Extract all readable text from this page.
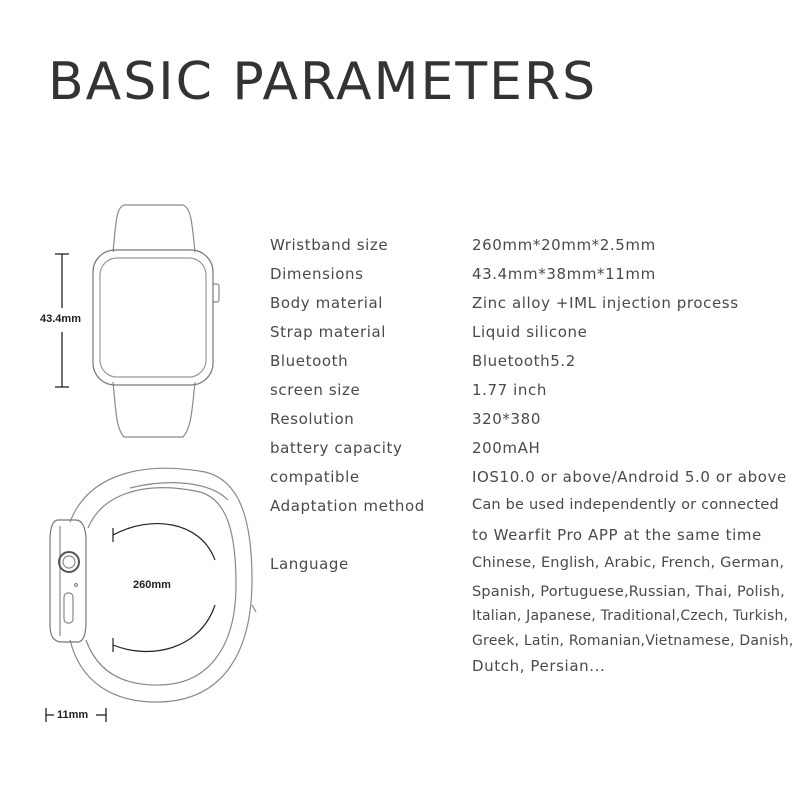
BASIC PARAMETERS
43.4mm
260mm
11mm
Wristband size	260mm*20mm*2.5mm
Dimensions	43.4mm*38mm*11mm
Body material	Zinc alloy +IML injection process
Strap material	Liquid silicone
Bluetooth	Bluetooth5.2
screen size	1.77 inch
Resolution	320*380
battery capacity	200mAH
compatible	IOS10.0 or above/Android 5.0 or above
Adaptation method	Can be used independently or connected
to Wearfit Pro APP at the same time
Language	Chinese, English, Arabic, French, German,
Spanish, Portuguese,Russian, Thai, Polish,
Italian, Japanese, Traditional,Czech, Turkish,
Greek, Latin, Romanian,Vietnamese, Danish,
Dutch, Persian...
